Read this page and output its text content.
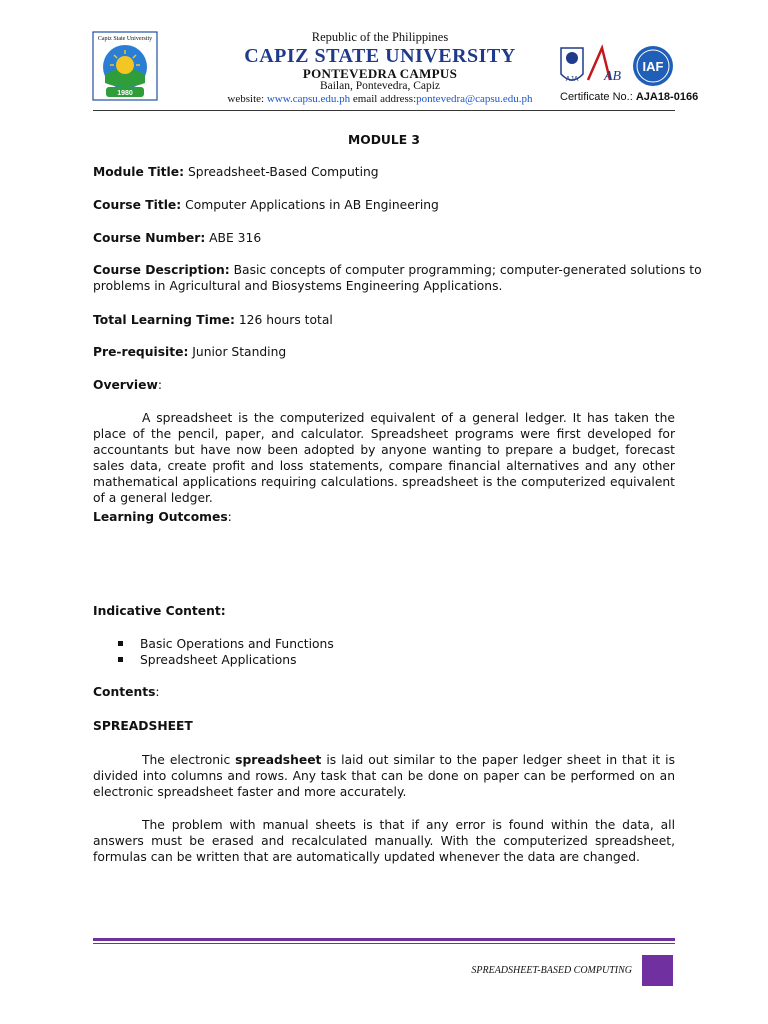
Capiz State University
1980
Republic of the Philippines
CAPIZ STATE UNIVERSITY
PONTEVEDRA CAMPUS
Bailan, Pontevedra, Capiz
website: www.capsu.edu.ph email address:pontevedra@capsu.edu.ph
AJA AB
IAF
Certificate No.: AJA18-0166
MODULE 3
Module Title: Spreadsheet-Based Computing
Course Title: Computer Applications in AB Engineering
Course Number: ABE 316
Course Description: Basic concepts of computer programming; computer-generated solutions to
problems in Agricultural and Biosystems Engineering Applications.
Total Learning Time: 126 hours total
Pre-requisite: Junior Standing
Overview:

A spreadsheet is the computerized equivalent of a general ledger. It has taken the place of the pencil, paper, and calculator. Spreadsheet programs were first developed for accountants but have now been adopted by anyone wanting to prepare a budget, forecast sales data, create profit and loss statements, compare financial alternatives and any other mathematical applications requiring calculations. spreadsheet is the computerized equivalent of a general ledger.

Learning Outcomes:
Indicative Content:
Basic Operations and Functions
Spreadsheet Applications
Contents:
SPREADSHEET

The electronic spreadsheet is laid out similar to the paper ledger sheet in that it is divided into columns and rows. Any task that can be done on paper can be performed on an electronic spreadsheet faster and more accurately.

The problem with manual sheets is that if any error is found within the data, all answers must be erased and recalculated manually. With the computerized spreadsheet, formulas can be written that are automatically updated whenever the data are changed.

SPREADSHEET-BASED COMPUTING
